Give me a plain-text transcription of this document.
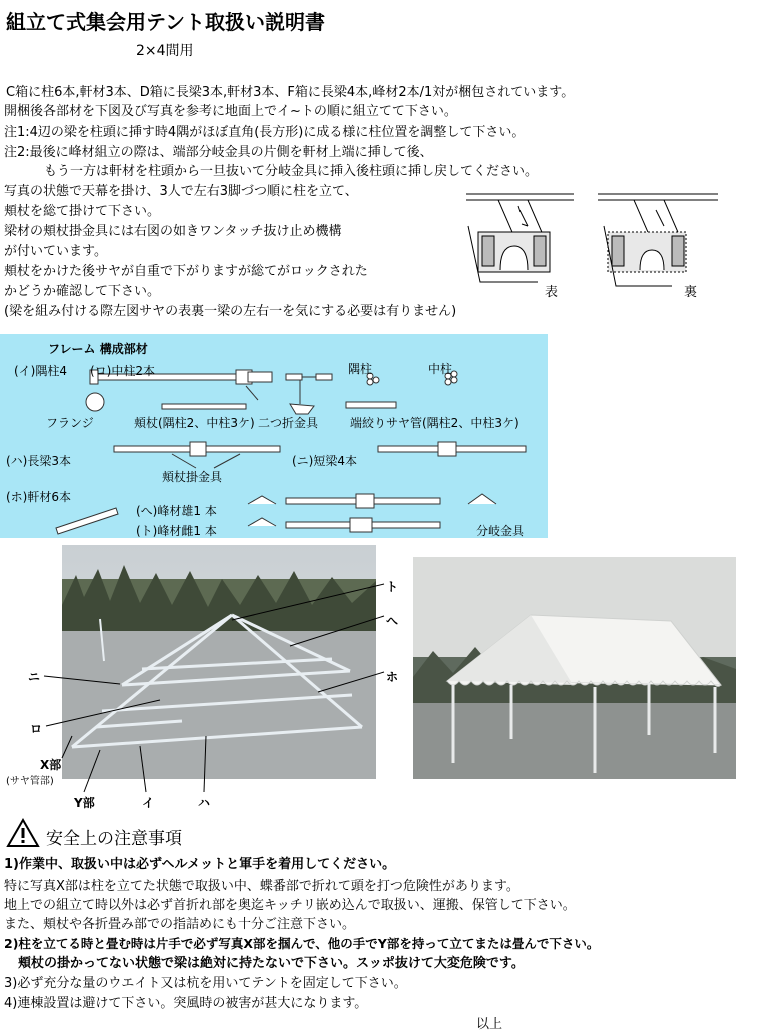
組立て式集会用テント取扱い説明書
2×4間用
C箱に柱6本,軒材3本、D箱に長梁3本,軒材3本、F箱に長梁4本,峰材2本/1対が梱包されています。
開梱後各部材を下図及び写真を参考に地面上でイ~トの順に組立てて下さい。
注1:4辺の梁を柱頭に挿す時4隅がほぼ直角(長方形)に成る様に柱位置を調整して下さい。
注2:最後に峰材組立の際は、端部分岐金具の片側を軒材上端に挿して後、
もう一方は軒材を柱頭から一旦抜いて分岐金具に挿入後柱頭に挿し戻してください。
写真の状態で天幕を掛け、3人で左右3脚づつ順に柱を立て、
頬杖を総て掛けて下さい。
梁材の頬杖掛金具には右図の如きワンタッチ抜け止め機構
が付いています。
頬杖をかけた後サヤが自重で下がりますが総てがロックされた
かどうか確認して下さい。
(梁を組み付ける際左図サヤの表裏一梁の左右一を気にする必要は有りません)
表	裏
フレーム 構成部材
(イ)隅柱4 (ロ)中柱2本	隅柱	中柱
フランジ	頬杖(隅柱2、中柱3ケ) 二つ折金具	端絞りサヤ管(隅柱2、中柱3ケ)
(ハ)長梁3本	(ニ)短梁4本
頬杖掛金具
(ホ)軒材6本
(へ)峰材雄1 本
(ト)峰材雌1 本	分岐金具
ト
へ
ホ
ニ
ロ
X部
(サヤ管部)
Y部	イ	ハ
安全上の注意事項
1)作業中、取扱い中は必ずヘルメットと軍手を着用してください。
特に写真X部は柱を立てた状態で取扱い中、蝶番部で折れて頭を打つ危険性があります。
地上での組立て時以外は必ず首折れ部を奥迄キッチリ嵌め込んで取扱い、運搬、保管して下さい。
また、頬杖や各折畳み部での指詰めにも十分ご注意下さい。
2)柱を立てる時と畳む時は片手で必ず写真X部を掴んで、他の手でY部を持って立てまたは畳んで下さい。
頬杖の掛かってない状態で梁は絶対に持たないで下さい。スッポ抜けて大変危険です。
3)必ず充分な量のウエイト又は杭を用いてテントを固定して下さい。
4)連棟設置は避けて下さい。突風時の被害が甚大になります。
以上
